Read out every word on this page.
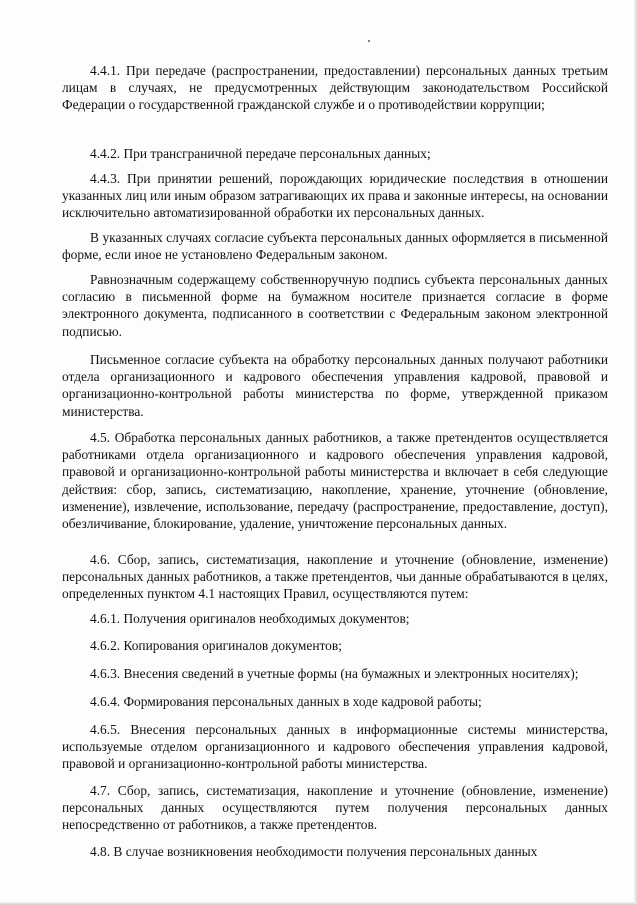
4.4.1. При передаче (распространении, предоставлении) персональных данных третьим лицам в случаях, не предусмотренных действующим законодательством Российской Федерации о государственной гражданской службе и о противодействии коррупции;

4.4.2. При трансграничной передаче персональных данных;

4.4.3. При принятии решений, порождающих юридические последствия в отношении указанных лиц или иным образом затрагивающих их права и законные интересы, на основании исключительно автоматизированной обработки их персональных данных.

В указанных случаях согласие субъекта персональных данных оформляется в письменной форме, если иное не установлено Федеральным законом.

Равнозначным содержащему собственноручную подпись субъекта персональных данных согласию в письменной форме на бумажном носителе признается согласие в форме электронного документа, подписанного в соответствии с Федеральным законом электронной подписью.

Письменное согласие субъекта на обработку персональных данных получают работники отдела организационного и кадрового обеспечения управления кадровой, правовой и организационно-контрольной работы министерства по форме, утвержденной приказом министерства.

4.5. Обработка персональных данных работников, а также претендентов осуществляется работниками отдела организационного и кадрового обеспечения управления кадровой, правовой и организационно-контрольной работы министерства и включает в себя следующие действия: сбор, запись, систематизацию, накопление, хранение, уточнение (обновление, изменение), извлечение, использование, передачу (распространение, предоставление, доступ), обезличивание, блокирование, удаление, уничтожение персональных данных.

4.6. Сбор, запись, систематизация, накопление и уточнение (обновление, изменение) персональных данных работников, а также претендентов, чьи данные обрабатываются в целях, определенных пунктом 4.1 настоящих Правил, осуществляются путем:

4.6.1. Получения оригиналов необходимых документов;

4.6.2. Копирования оригиналов документов;

4.6.3. Внесения сведений в учетные формы (на бумажных и электронных носителях);

4.6.4. Формирования персональных данных в ходе кадровой работы;

4.6.5. Внесения персональных данных в информационные системы министерства, используемые отделом организационного и кадрового обеспечения управления кадровой, правовой и организационно-контрольной работы министерства.

4.7. Сбор, запись, систематизация, накопление и уточнение (обновление, изменение) персональных данных осуществляются путем получения персональных данных непосредственно от работников, а также претендентов.

4.8. В случае возникновения необходимости получения персональных данных
